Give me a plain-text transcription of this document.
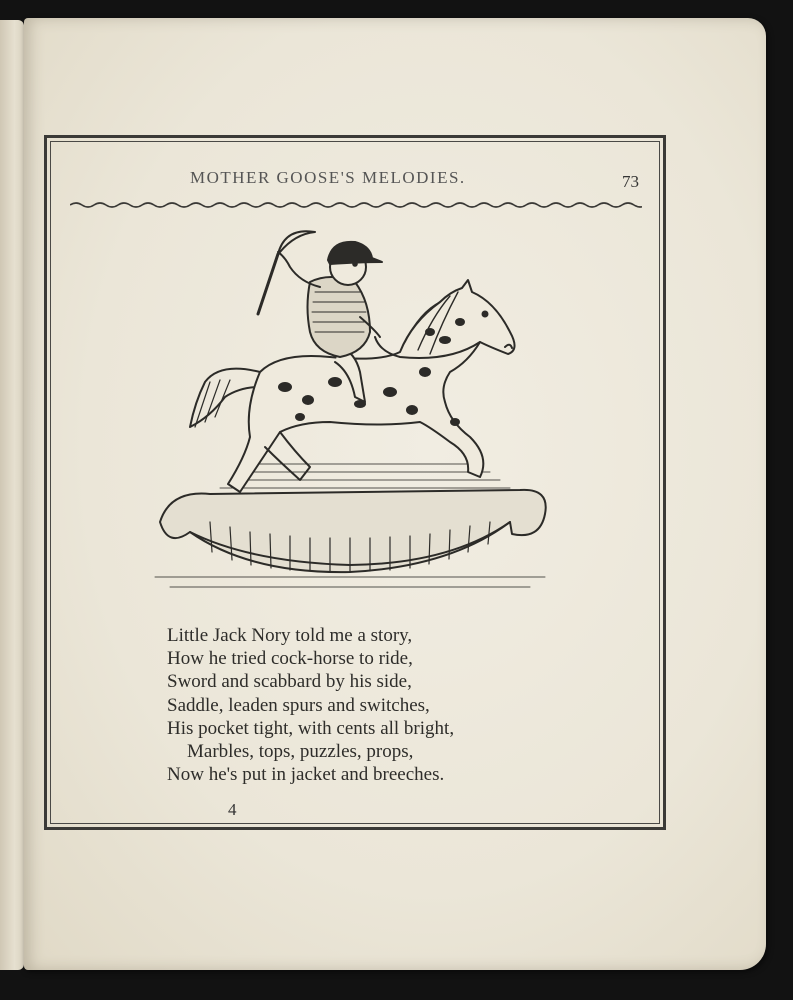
MOTHER GOOSE'S MELODIES.	73
Little Jack Nory told me a story,
How he tried cock-horse to ride,
Sword and scabbard by his side,
Saddle, leaden spurs and switches,
His pocket tight, with cents all bright,
Marbles, tops, puzzles, props,
Now he's put in jacket and breeches.
4
